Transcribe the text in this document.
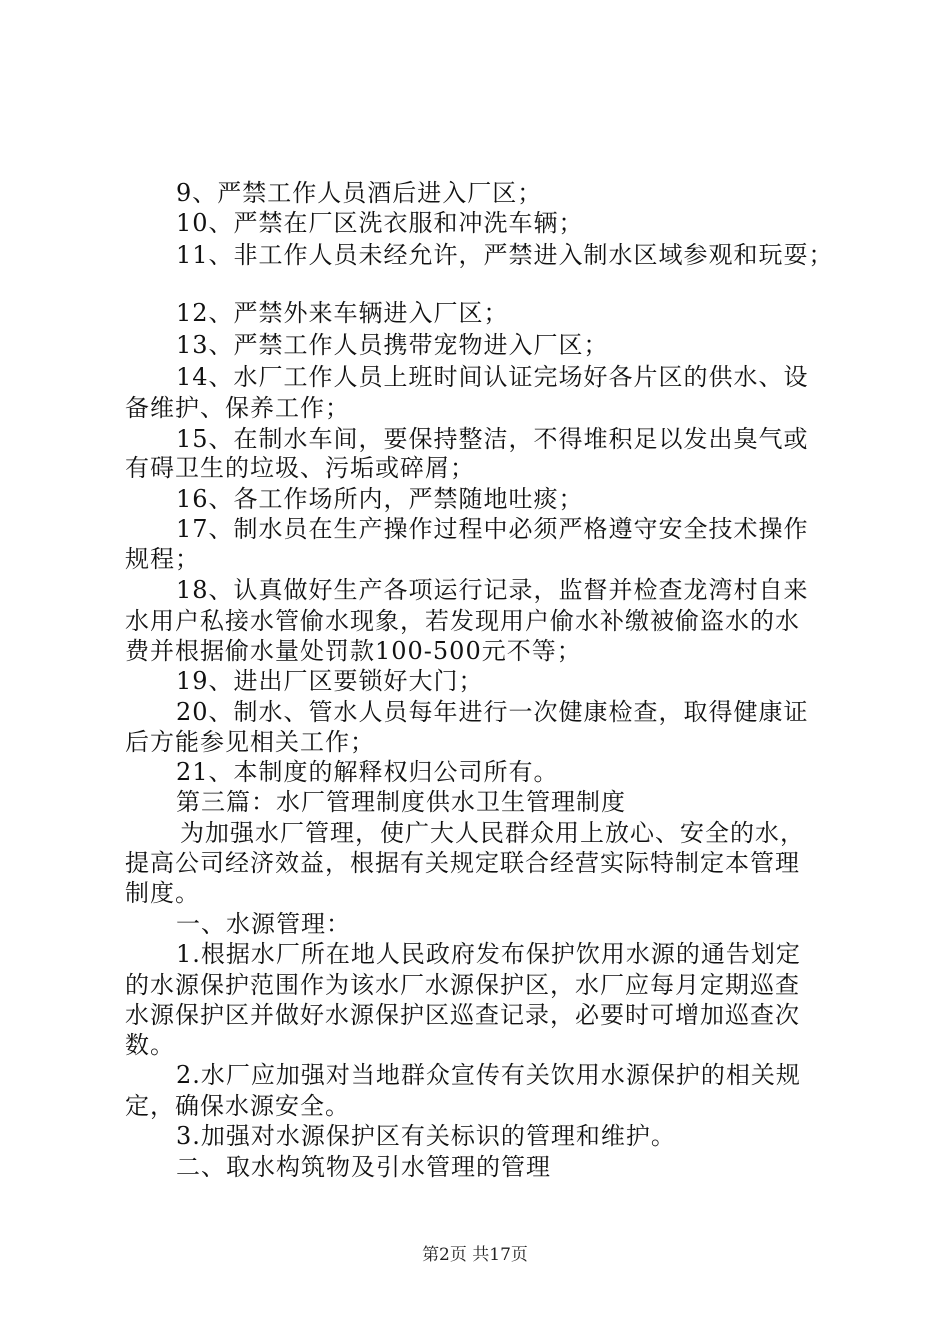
9、严禁工作人员酒后进入厂区；
10、严禁在厂区洗衣服和冲洗车辆；
11、非工作人员未经允许，严禁进入制水区域参观和玩耍；
12、严禁外来车辆进入厂区；
13、严禁工作人员携带宠物进入厂区；
14、水厂工作人员上班时间认证完场好各片区的供水、设
备维护、保养工作；
15、在制水车间，要保持整洁，不得堆积足以发出臭气或
有碍卫生的垃圾、污垢或碎屑；
16、各工作场所内，严禁随地吐痰；
17、制水员在生产操作过程中必须严格遵守安全技术操作
规程；
18、认真做好生产各项运行记录，监督并检查龙湾村自来
水用户私接水管偷水现象，若发现用户偷水补缴被偷盗水的水
费并根据偷水量处罚款100-500元不等；
19、进出厂区要锁好大门；
20、制水、管水人员每年进行一次健康检查，取得健康证
后方能参见相关工作；
21、本制度的解释权归公司所有。
第三篇：水厂管理制度供水卫生管理制度
为加强水厂管理，使广大人民群众用上放心、安全的水，
提高公司经济效益，根据有关规定联合经营实际特制定本管理
制度。
一、水源管理：
1.根据水厂所在地人民政府发布保护饮用水源的通告划定
的水源保护范围作为该水厂水源保护区，水厂应每月定期巡查
水源保护区并做好水源保护区巡查记录，必要时可增加巡查次
数。
2.水厂应加强对当地群众宣传有关饮用水源保护的相关规
定，确保水源安全。
3.加强对水源保护区有关标识的管理和维护。
二、取水构筑物及引水管理的管理
第2页 共17页
